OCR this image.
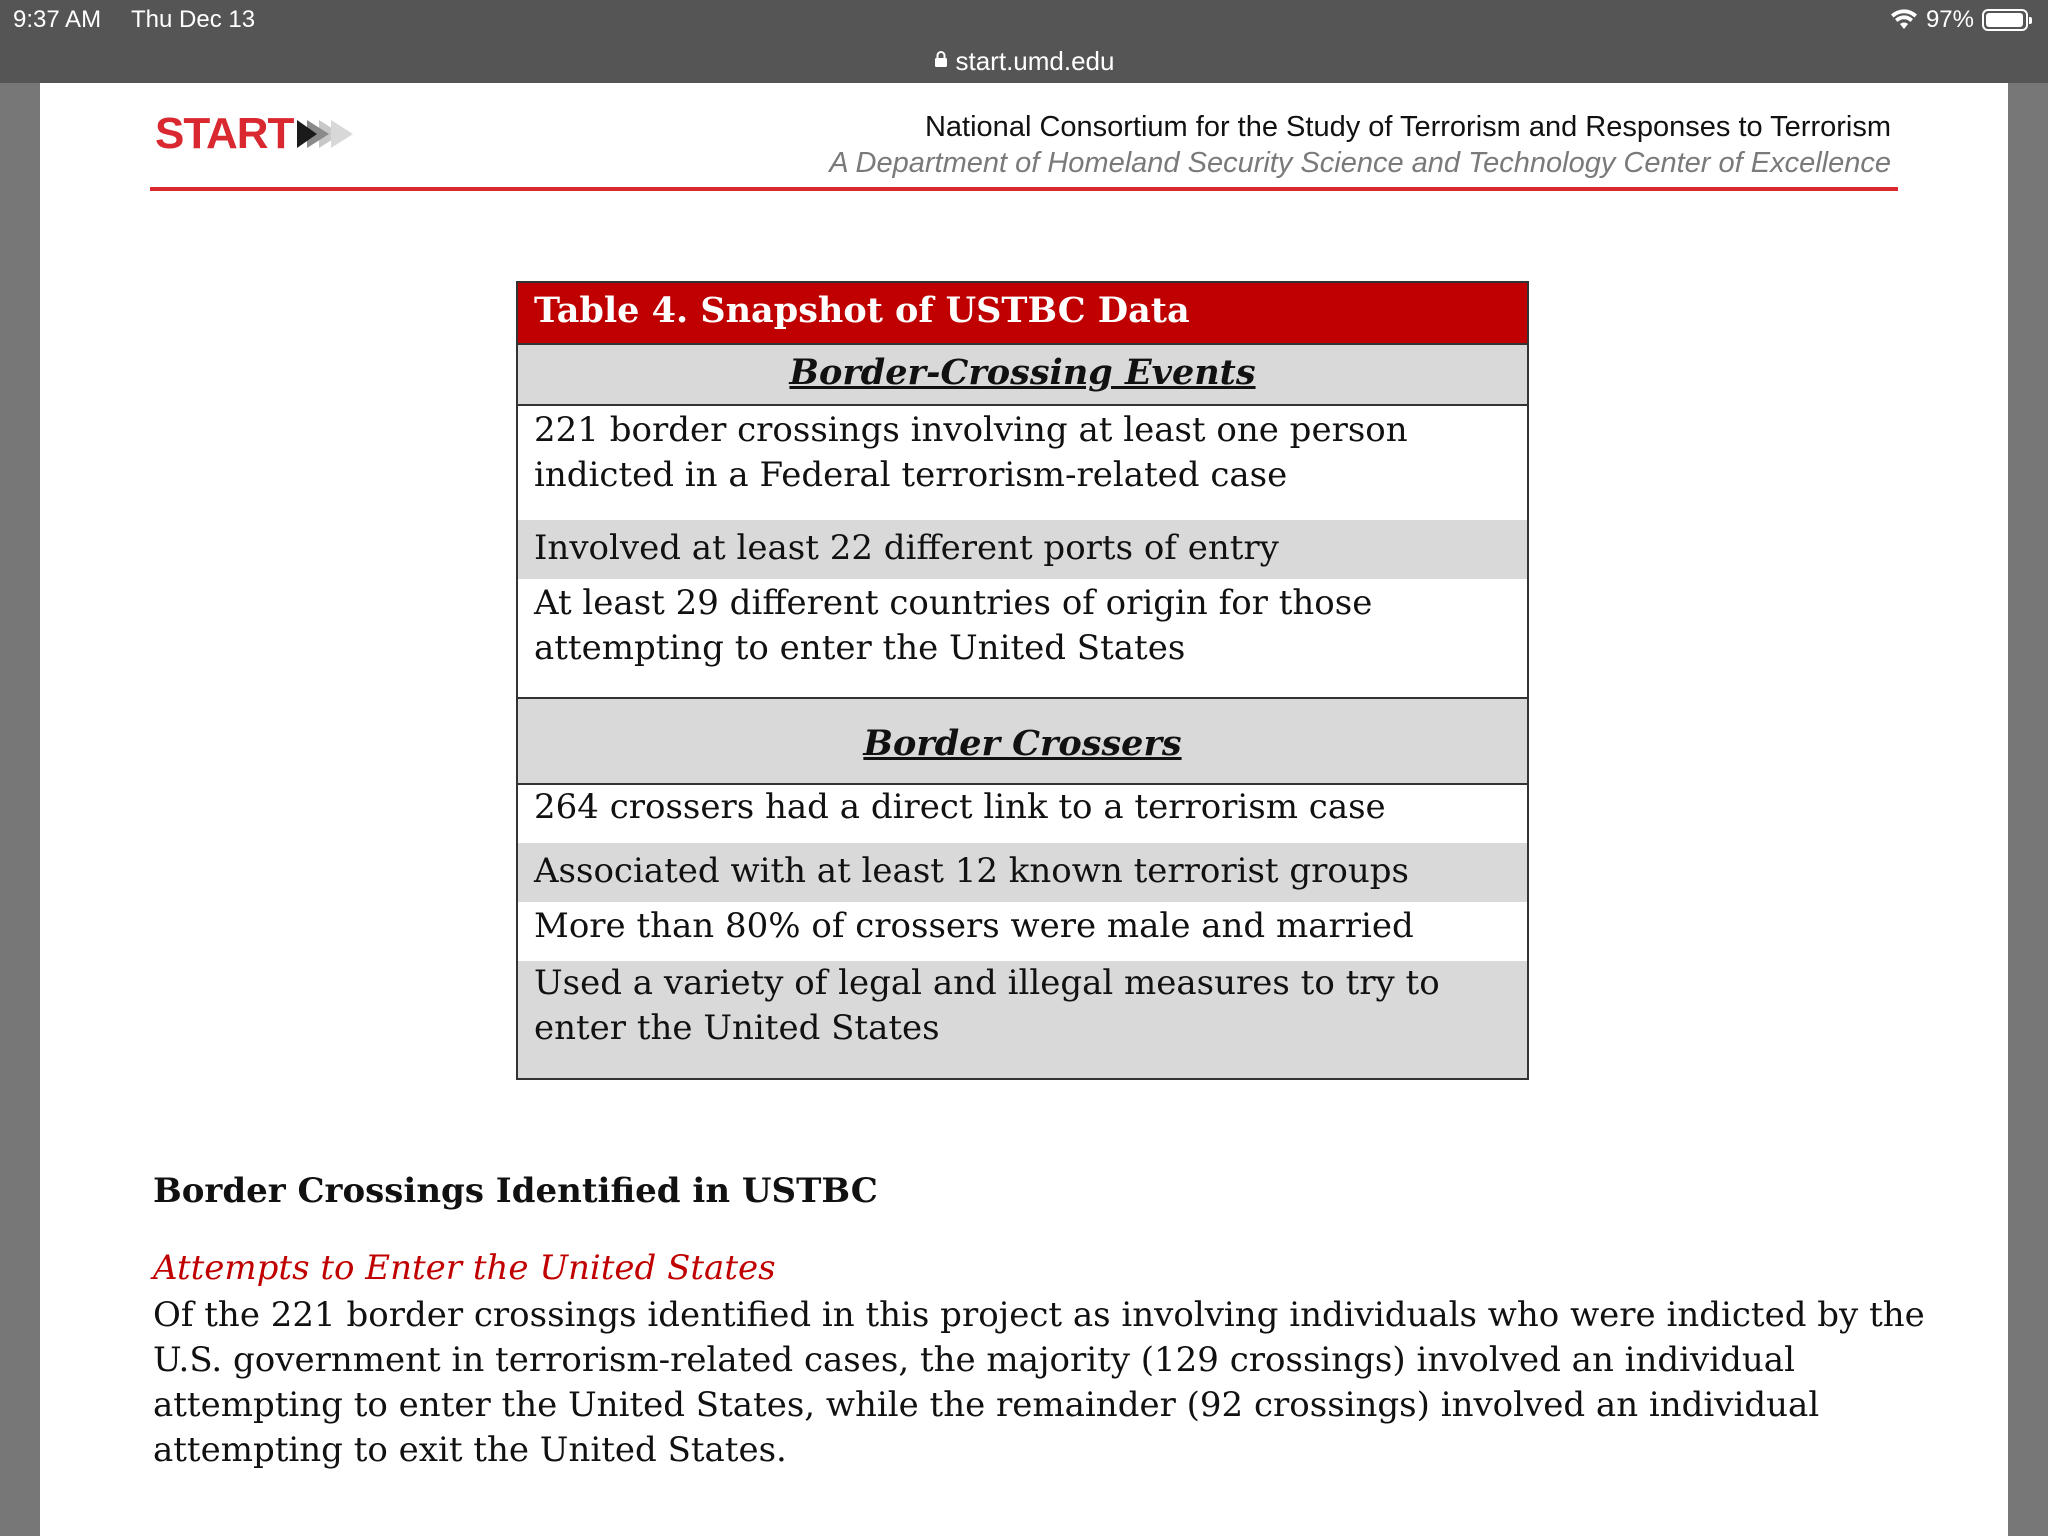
9:37 AM Thu Dec 13	97%
start.umd.edu
START	National Consortium for the Study of Terrorism and Responses to Terrorism
A Department of Homeland Security Science and Technology Center of Excellence
Table 4. Snapshot of USTBC Data
Border-Crossing Events
221 border crossings involving at least one person indicted in a Federal terrorism-related case
Involved at least 22 different ports of entry
At least 29 different countries of origin for those attempting to enter the United States
Border Crossers
264 crossers had a direct link to a terrorism case
Associated with at least 12 known terrorist groups
More than 80% of crossers were male and married
Used a variety of legal and illegal measures to try to enter the United States
Border Crossings Identified in USTBC
Attempts to Enter the United States
Of the 221 border crossings identified in this project as involving individuals who were indicted by the U.S. government in terrorism-related cases, the majority (129 crossings) involved an individual attempting to enter the United States, while the remainder (92 crossings) involved an individual attempting to exit the United States.
